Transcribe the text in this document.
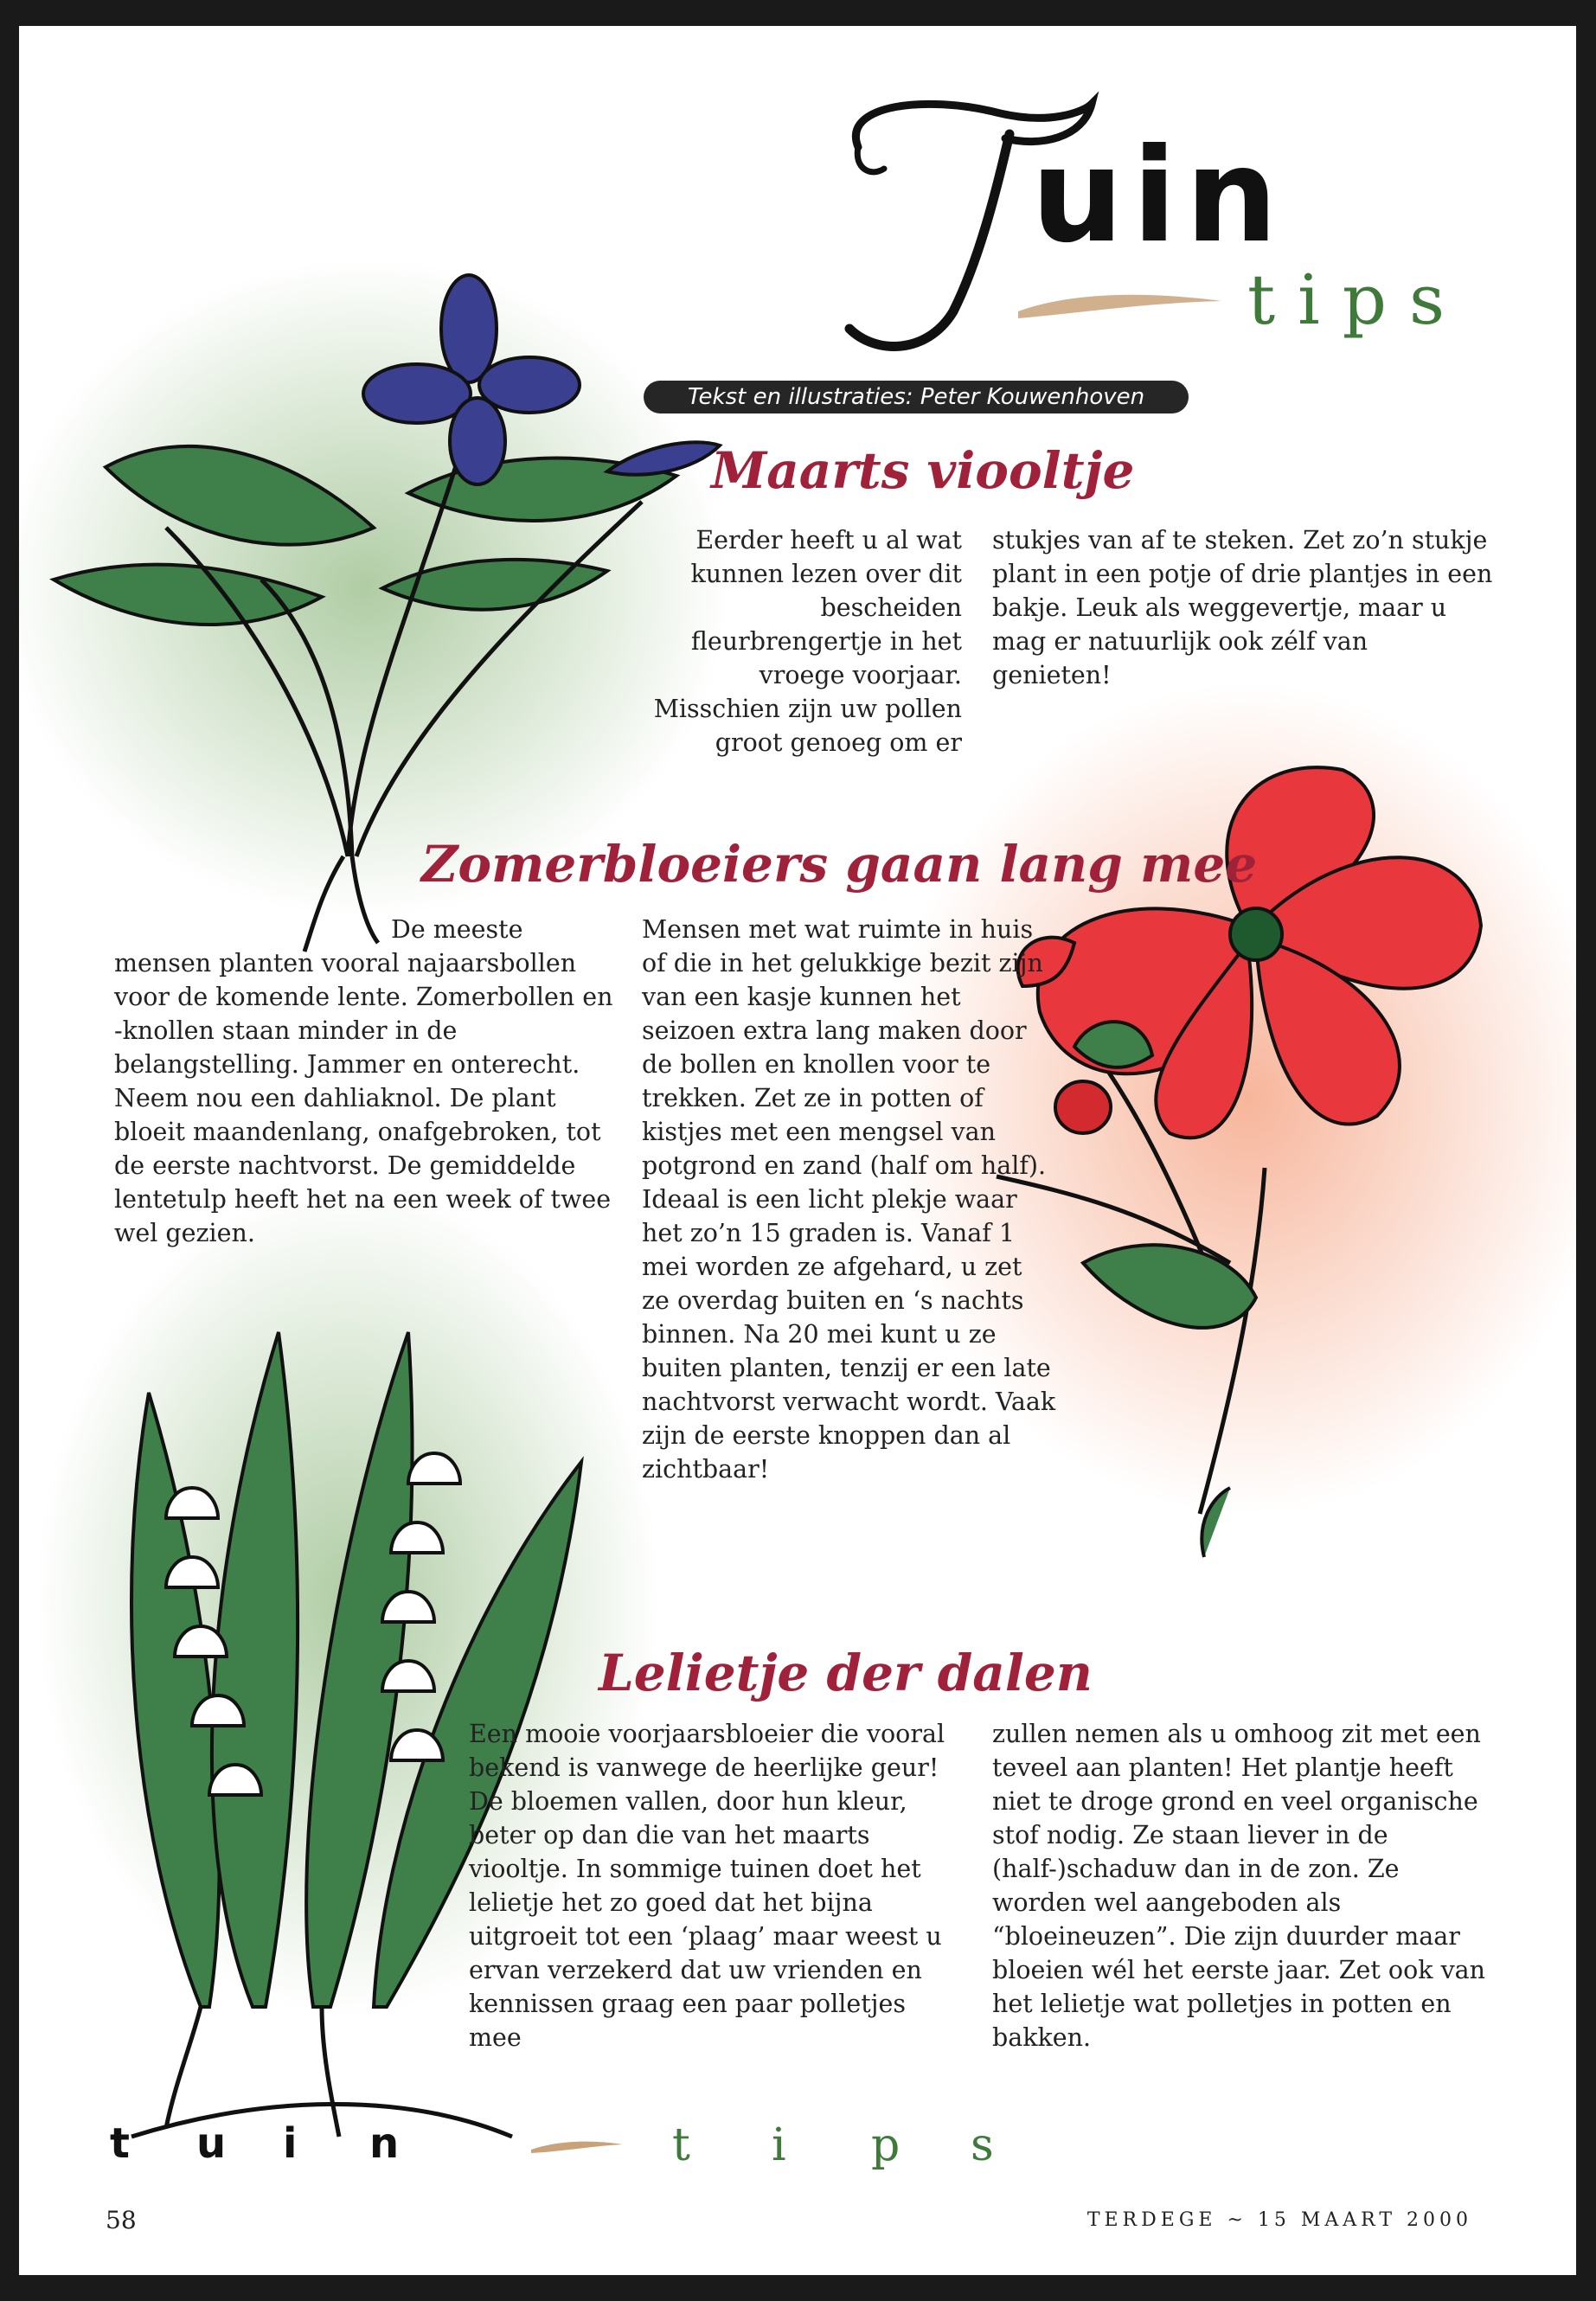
uin
tips
Tekst en illustraties: Peter Kouwenhoven
Maarts viooltje
Eerder heeft u al wat kunnen lezen over dit bescheiden fleurbrengertje in het vroege voorjaar. Misschien zijn uw pollen groot genoeg om er
stukjes van af te steken. Zet zo’n stukje plant in een potje of drie plantjes in een bakje. Leuk als weggevertje, maar u mag er natuurlijk ook zélf van genieten!
Zomerbloeiers gaan lang mee
De meeste mensen planten vooral najaarsbollen voor de komende lente. Zomerbollen en -knollen staan minder in de belangstelling. Jammer en onterecht. Neem nou een dahliaknol. De plant bloeit maandenlang, onafgebroken, tot de eerste nachtvorst. De gemiddelde lentetulp heeft het na een week of twee wel gezien.
Mensen met wat ruimte in huis of die in het gelukkige bezit zijn van een kasje kunnen het seizoen extra lang maken door de bollen en knollen voor te trekken. Zet ze in potten of kistjes met een mengsel van potgrond en zand (half om half). Ideaal is een licht plekje waar het zo’n 15 graden is. Vanaf 1 mei worden ze afgehard, u zet ze overdag buiten en ‘s nachts binnen. Na 20 mei kunt u ze buiten planten, tenzij er een late nachtvorst verwacht wordt. Vaak zijn de eerste knoppen dan al zichtbaar!
Lelietje der dalen
Een mooie voorjaarsbloeier die vooral bekend is vanwege de heerlijke geur! De bloemen vallen, door hun kleur, beter op dan die van het maarts viooltje. In sommige tuinen doet het lelietje het zo goed dat het bijna uitgroeit tot een ‘plaag’ maar weest u ervan verzekerd dat uw vrienden en kennissen graag een paar polletjes mee
zullen nemen als u omhoog zit met een teveel aan planten! Het plantje heeft niet te droge grond en veel organische stof nodig. Ze staan liever in de (half-)schaduw dan in de zon. Ze worden wel aangeboden als “bloeineuzen”. Die zijn duurder maar bloeien wél het eerste jaar. Zet ook van het lelietje wat polletjes in potten en bakken.
t u i n	t i p s
58	TERDEGE ~ 15 MAART 2000
